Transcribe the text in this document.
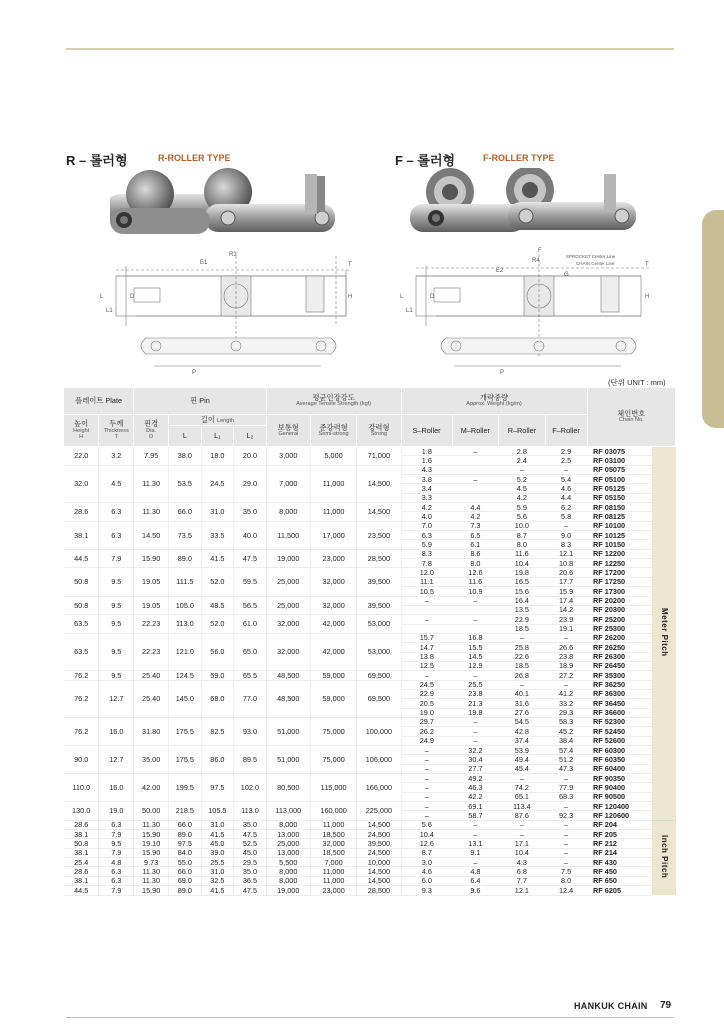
R – 롤러형	R-ROLLER TYPE	F – 롤러형	F-ROLLER TYPE
R3
E1	T
H
L	D
L1
P
F
R4
E2
G
SPROCKET Center Line
CHAIN Center Line	T
H
L	D
L1
P
(단위 UNIT : mm)
플레이트 Plate		핀 Pin				평균인장강도
Average Tensile Strength (kgf)			개략중량
Approx. Weight (kg/m)				체인번호
Chain No.	

높이
Height
H	두께
Thickness
T	핀경
Dia.
D	길이 Length			보통형
General	준강력형
Semi-strong	강력형
Strong	S–Roller	M–Roller	R–Roller	F–Roller		
			L	L₁	L₂									
22.0	3.2	7.95	38.0	18.0	20.0	3,000	5,000	71,000	1.8	–	2.8	2.9	RF 03075	Meter Pitch
									1.6		2.4	2.5	RF 03100	
32.0	4.5	11.30	53.5	24.5	29.0	7,000	11,000	14,500	4.3		–	–	RF 05075	
									3.8	–	5.2	5.4	RF 05100	
									3.4		4.5	4.6	RF 05125	
									3.3		4.2	4.4	RF 05150	
28.6	6.3	11.30	66.0	31.0	35.0	8,000	11,000	14,500	4.2	4.4	5.9	6.2	RF 08150	
									4.0	4.2	5.6	5.8	RF 08125	
38.1	6.3	14.50	73.5	33.5	40.0	11,500	17,000	23,500	7.0	7.3	10.0	–	RF 10100	
									6.3	6.5	8.7	9.0	RF 10125	
									5.9	6.1	8.0	8.3	RF 10150	
44.5	7.9	15.90	89.0	41.5	47.5	19,000	23,000	28,500	8.3	8.6	11.6	12.1	RF 12200	
									7.8	8.0	10.4	10.8	RF 12250	
50.8	9.5	19.05	111.5	52.0	59.5	25,000	32,000	39,500	12.0	12.6	19.8	20.6	RF 17200	
									11.1	11.6	16.5	17.7	RF 17250	
									10.5	10.9	15.6	15.9	RF 17300	
50.8	9.5	19.05	105.0	48.5	56.5	25,000	32,000	39,500	–	–	16.4	17.4	RF 20200	
											13.5	14.2	RF 20300	
63.5	9.5	22.23	113.0	52.0	61.0	32,000	42,000	53,000	–	–	22.9	23.9	RF 25200	
											18.5	19.1	RF 25300	
63.5	9.5	22.23	121.0	56.0	65.0	32,000	42,000	53,000	15.7	16.8	–	–	RF 26200	
									14.7	15.5	25.8	26.6	RF 26250	
									13.8	14.5	22.6	23.8	RF 26300	
									12.5	12.9	18.5	18.9	RF 26450	
76.2	9.5	25.40	124.5	59.0	65.5	48,500	59,000	69,500	–	–	26.8	27.2	RF 35300	
76.2	12.7	25.40	145.0	68.0	77.0	48,500	59,000	69,500	24.5	25.5	–	–	RF 36250	
									22.9	23.8	40.1	41.2	RF 36300	
									20.5	21.3	31.6	33.2	RF 36450	
									19.0	19.8	27.6	29.3	RF 36600	
76.2	16.0	31.80	175.5	82.5	93.0	51,000	75,000	100,000	29.7	–	54.5	58.3	RF 52300	
									26.2	–	42.8	45.2	RF 52450	
									24.9	–	37.4	38.4	RF 52600	
90.0	12.7	35.00	175.5	86.0	89.5	51,000	75,000	106,000	–	32.2	53.9	57.4	RF 60300	
									–	30.4	49.4	51.2	RF 60350	
									–	27.7	45.4	47.3	RF 60400	
110.0	16.0	42.00	199.5	97.5	102.0	80,500	115,000	166,000	–	49.2	–	–	RF 90350	
									–	46.3	74.2	77.9	RF 90400	
									–	42.2	65.1	68.3	RF 90500	
130.0	19.0	50.00	218.5	105.5	113.0	113,000	160,000	225,000	–	69.1	113.4	–	RF 120400	
									–	58.7	87.6	92.3	RF 120600	
28.6	6.3	11.30	66.0	31.0	35.0	8,000	11,000	14,500	5.6	–	–	–	RF 204	Inch Pitch
38.1	7.9	15.90	89.0	41.5	47.5	13,000	18,500	24,500	10.4	–	–	–	RF 205	
50.8	9.5	19.10	97.5	45.0	52.5	25,000	32,000	39,500	12.6	13.1	17.1	–	RF 212	
38.1	7.9	15.90	84.0	39.0	45.0	13,000	18,500	24,500	8.7	9.1	10.4	–	RF 214	
25.4	4.8	9.73	55.0	25.5	29.5	5,500	7,000	10,000	3.0	–	4.3	–	RF 430	
28.6	6.3	11.30	66.0	31.0	35.0	8,000	11,000	14,500	4.6	4.8	6.8	7.5	RF 450	
38.1	6.3	11.30	69.0	32.5	36.5	8,000	11,000	14,500	6.0	6.4	7.7	8.0	RF 650	
44.5	7.9	15.90	89.0	41.5	47.5	19,000	23,000	28,500	9.3	9.6	12.1	12.4	RF 6205	
HANKUK CHAIN 79
